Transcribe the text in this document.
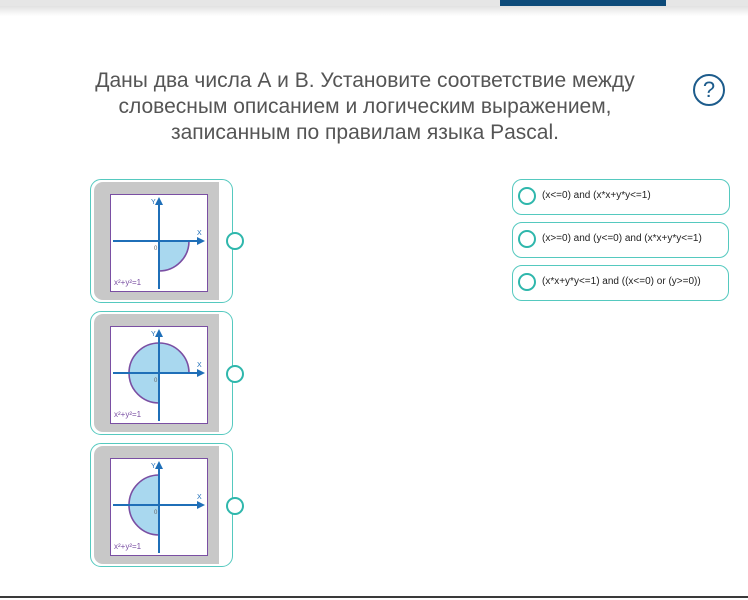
Даны два числа А и В. Установите соответствие между
словесным описанием и логическим выражением,
записанным по правилам языка Pascal.
?
X
Y
0
x²+y²=1
X
Y
0
x²+y²=1
X
Y
0
x²+y²=1
(x<=0) and (x*x+y*y<=1)
(x>=0) and (y<=0) and (x*x+y*y<=1)
(x*x+y*y<=1) and ((x<=0) or (y>=0))
